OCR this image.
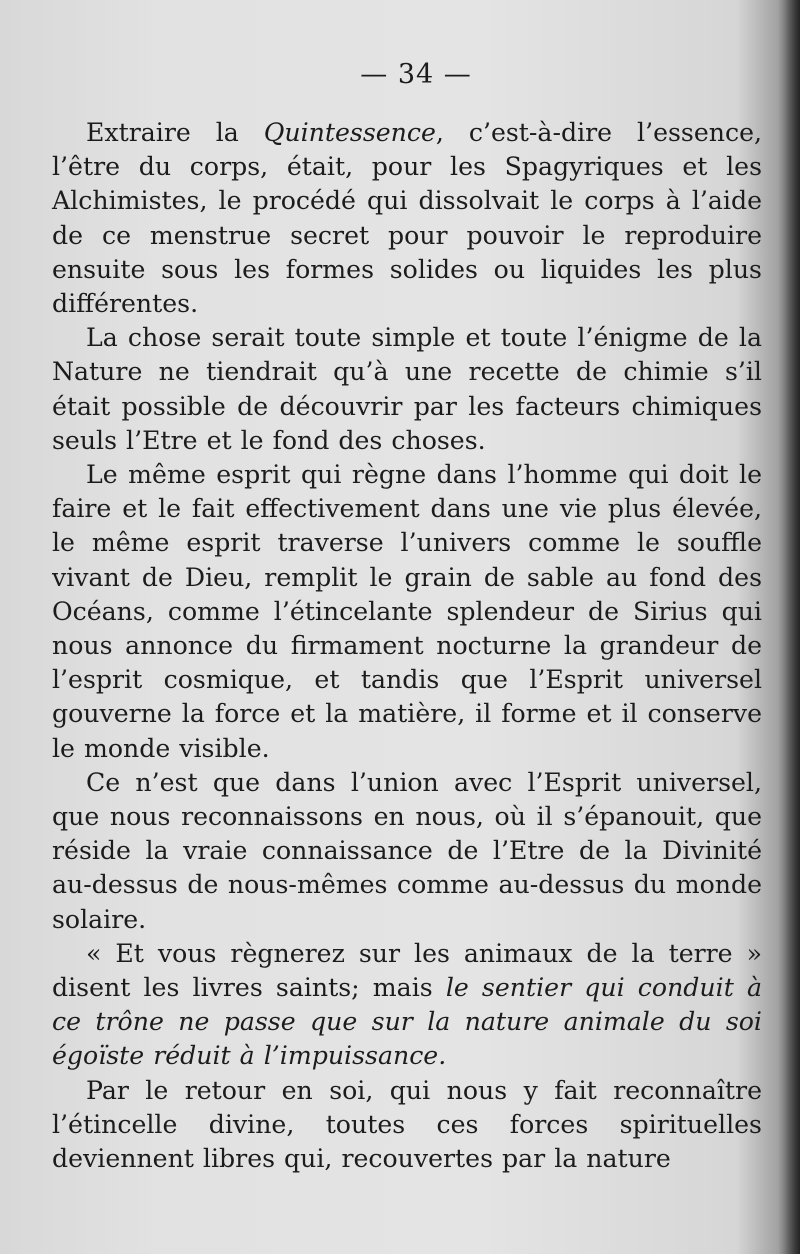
— 34 —

Extraire la Quintessence, c’est-à-dire l’essence, l’être du corps, était, pour les Spagyriques et les Alchimistes, le procédé qui dissolvait le corps à l’aide de ce menstrue secret pour pouvoir le reproduire ensuite sous les formes solides ou liquides les plus différentes.

La chose serait toute simple et toute l’énigme de la Nature ne tiendrait qu’à une recette de chimie s’il était possible de découvrir par les facteurs chimiques seuls l’Etre et le fond des choses.

Le même esprit qui règne dans l’homme qui doit le faire et le fait effectivement dans une vie plus élevée, le même esprit traverse l’univers comme le souffle vivant de Dieu, remplit le grain de sable au fond des Océans, comme l’étincelante splendeur de Sirius qui nous annonce du firmament nocturne la grandeur de l’esprit cosmique, et tandis que l’Esprit universel gouverne la force et la matière, il forme et il conserve le monde visible.

Ce n’est que dans l’union avec l’Esprit universel, que nous reconnaissons en nous, où il s’épanouit, que réside la vraie connaissance de l’Etre de la Divinité au-dessus de nous-mêmes comme au-dessus du monde solaire.

« Et vous règnerez sur les animaux de la terre » disent les livres saints; mais le sentier qui conduit à ce trône ne passe que sur la nature animale du soi égoïste réduit à l’impuissance.

Par le retour en soi, qui nous y fait reconnaître l’étincelle divine, toutes ces forces spirituelles deviennent libres qui, recouvertes par la nature
